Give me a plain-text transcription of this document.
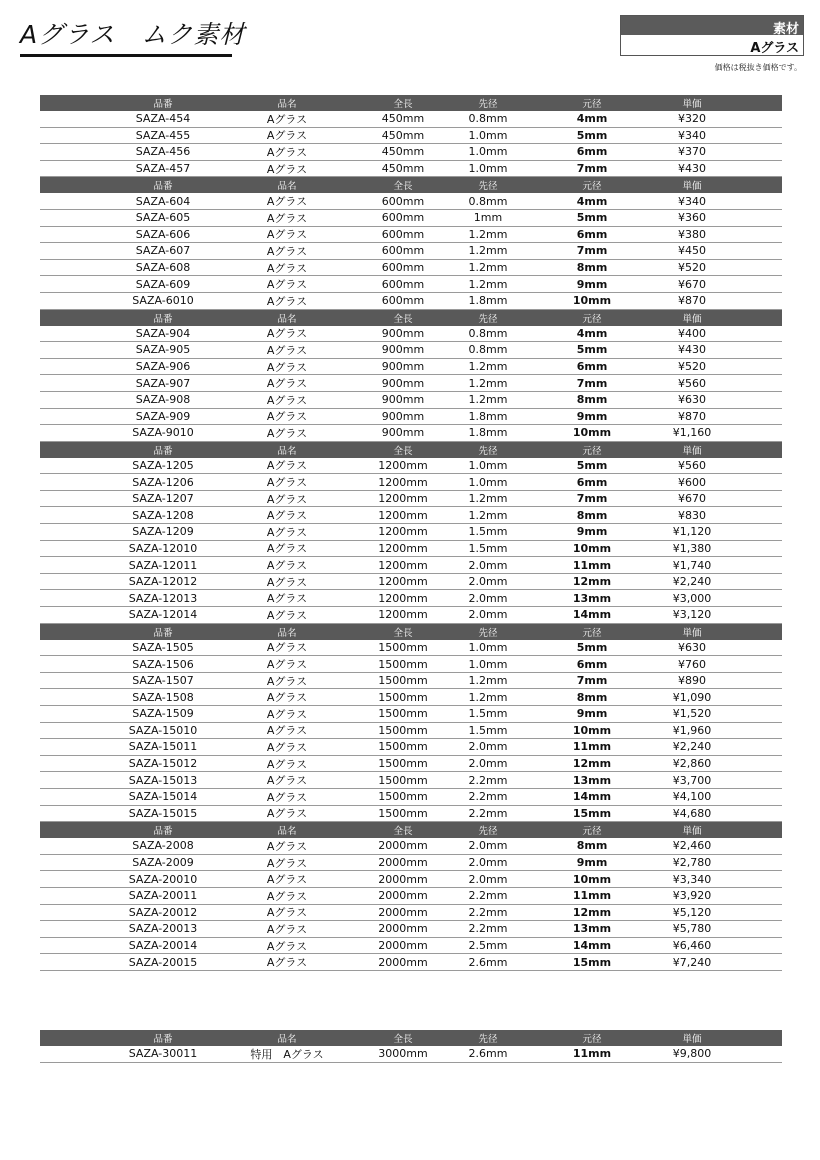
Aグラス　ムク素材	素材
Aグラス
価格は税抜き価格です。
品番	品名	全長	先径	元径	単価
SAZA-454	Aグラス	450mm	0.8mm	4mm	¥320
SAZA-455	Aグラス	450mm	1.0mm	5mm	¥340
SAZA-456	Aグラス	450mm	1.0mm	6mm	¥370
SAZA-457	Aグラス	450mm	1.0mm	7mm	¥430
品番	品名	全長	先径	元径	単価
SAZA-604	Aグラス	600mm	0.8mm	4mm	¥340
SAZA-605	Aグラス	600mm	1mm	5mm	¥360
SAZA-606	Aグラス	600mm	1.2mm	6mm	¥380
SAZA-607	Aグラス	600mm	1.2mm	7mm	¥450
SAZA-608	Aグラス	600mm	1.2mm	8mm	¥520
SAZA-609	Aグラス	600mm	1.2mm	9mm	¥670
SAZA-6010	Aグラス	600mm	1.8mm	10mm	¥870
品番	品名	全長	先径	元径	単価
SAZA-904	Aグラス	900mm	0.8mm	4mm	¥400
SAZA-905	Aグラス	900mm	0.8mm	5mm	¥430
SAZA-906	Aグラス	900mm	1.2mm	6mm	¥520
SAZA-907	Aグラス	900mm	1.2mm	7mm	¥560
SAZA-908	Aグラス	900mm	1.2mm	8mm	¥630
SAZA-909	Aグラス	900mm	1.8mm	9mm	¥870
SAZA-9010	Aグラス	900mm	1.8mm	10mm	¥1,160
品番	品名	全長	先径	元径	単価
SAZA-1205	Aグラス	1200mm	1.0mm	5mm	¥560
SAZA-1206	Aグラス	1200mm	1.0mm	6mm	¥600
SAZA-1207	Aグラス	1200mm	1.2mm	7mm	¥670
SAZA-1208	Aグラス	1200mm	1.2mm	8mm	¥830
SAZA-1209	Aグラス	1200mm	1.5mm	9mm	¥1,120
SAZA-12010	Aグラス	1200mm	1.5mm	10mm	¥1,380
SAZA-12011	Aグラス	1200mm	2.0mm	11mm	¥1,740
SAZA-12012	Aグラス	1200mm	2.0mm	12mm	¥2,240
SAZA-12013	Aグラス	1200mm	2.0mm	13mm	¥3,000
SAZA-12014	Aグラス	1200mm	2.0mm	14mm	¥3,120
品番	品名	全長	先径	元径	単価
SAZA-1505	Aグラス	1500mm	1.0mm	5mm	¥630
SAZA-1506	Aグラス	1500mm	1.0mm	6mm	¥760
SAZA-1507	Aグラス	1500mm	1.2mm	7mm	¥890
SAZA-1508	Aグラス	1500mm	1.2mm	8mm	¥1,090
SAZA-1509	Aグラス	1500mm	1.5mm	9mm	¥1,520
SAZA-15010	Aグラス	1500mm	1.5mm	10mm	¥1,960
SAZA-15011	Aグラス	1500mm	2.0mm	11mm	¥2,240
SAZA-15012	Aグラス	1500mm	2.0mm	12mm	¥2,860
SAZA-15013	Aグラス	1500mm	2.2mm	13mm	¥3,700
SAZA-15014	Aグラス	1500mm	2.2mm	14mm	¥4,100
SAZA-15015	Aグラス	1500mm	2.2mm	15mm	¥4,680
品番	品名	全長	先径	元径	単価
SAZA-2008	Aグラス	2000mm	2.0mm	8mm	¥2,460
SAZA-2009	Aグラス	2000mm	2.0mm	9mm	¥2,780
SAZA-20010	Aグラス	2000mm	2.0mm	10mm	¥3,340
SAZA-20011	Aグラス	2000mm	2.2mm	11mm	¥3,920
SAZA-20012	Aグラス	2000mm	2.2mm	12mm	¥5,120
SAZA-20013	Aグラス	2000mm	2.2mm	13mm	¥5,780
SAZA-20014	Aグラス	2000mm	2.5mm	14mm	¥6,460
SAZA-20015	Aグラス	2000mm	2.6mm	15mm	¥7,240
品番	品名	全長	先径	元径	単価
SAZA-30011	特用　Aグラス	3000mm	2.6mm	11mm	¥9,800
